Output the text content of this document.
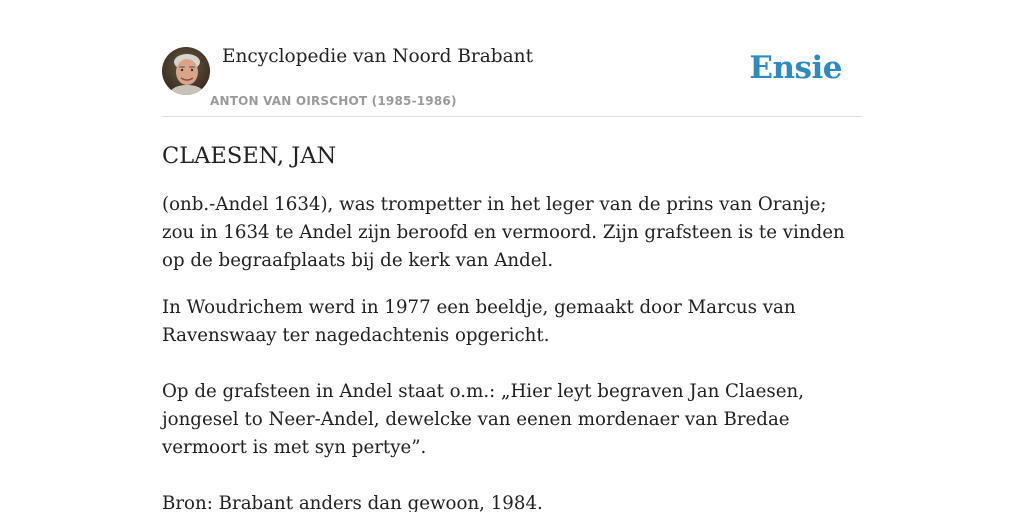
Encyclopedie van Noord Brabant
ANTON VAN OIRSCHOT (1985-1986)
Ensie
CLAESEN, JAN

(onb.-Andel 1634), was trompetter in het leger van de prins van Oranje; zou in 1634 te Andel zijn beroofd en vermoord. Zijn grafsteen is te vinden op de begraafplaats bij de kerk van Andel.

In Woudrichem werd in 1977 een beeldje, gemaakt door Marcus van Ravenswaay ter nagedachtenis opgericht.

Op de grafsteen in Andel staat o.m.: „Hier leyt begraven Jan Claesen, jongesel to Neer-Andel, dewelcke van eenen mordenaer van Bredae vermoort is met syn pertye”.

Bron: Brabant anders dan gewoon, 1984.
